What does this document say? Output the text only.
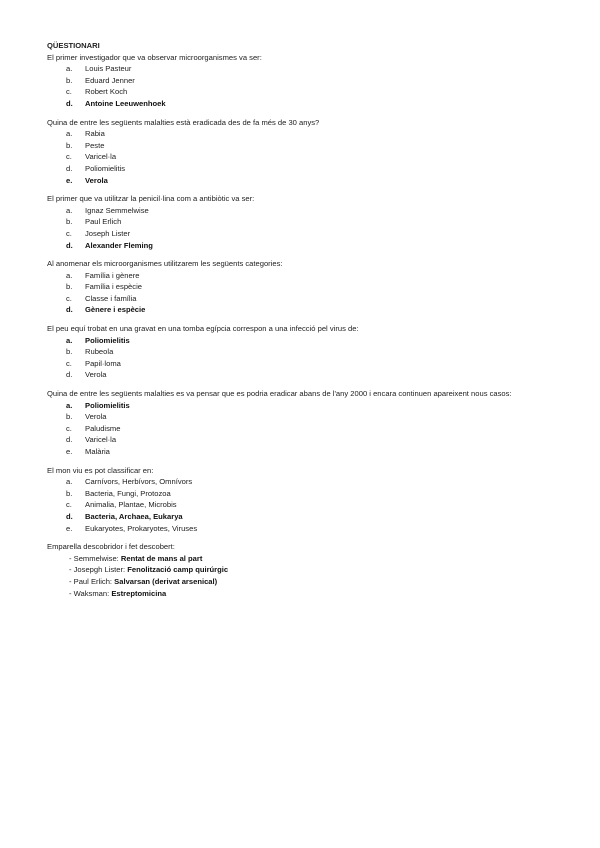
QÜESTIONARI
El primer investigador que va observar microorganismes va ser:
a.	Louis Pasteur
b.	Eduard Jenner
c.	Robert Koch
d.	Antoine Leeuwenhoek
Quina de entre les següents malalties està eradicada des de fa més de 30 anys?
a.	Rabia
b.	Peste
c.	Varicel·la
d.	Poliomielitis
e.	Verola
El primer que va utilitzar la penicil·lina com a antibiòtic va ser:
a.	Ignaz Semmelwise
b.	Paul Erlich
c.	Joseph Lister
d.	Alexander Fleming
Al anomenar els microorganismes utilitzarem les següents categories:
a.	Família i gènere
b.	Família i espècie
c.	Classe i família
d.	Gènere i espècie
El peu equí trobat en una gravat en una tomba egípcia correspon a una infecció pel virus de:
a.	Poliomielitis
b.	Rubeola
c.	Papil·loma
d.	Verola
Quina de entre les següents malalties es va pensar que es podria eradicar abans de l'any 2000 i encara continuen apareixent nous casos:
a.	Poliomielitis
b.	Verola
c.	Paludisme
d.	Varicel·la
e.	Malària
El mon viu es pot classificar en:
a.	Carnívors, Herbívors, Omnívors
b.	Bacteria, Fungi, Protozoa
c.	Animalia, Plantae, Microbis
d.	Bacteria, Archaea, Eukarya
e.	Eukaryotes, Prokaryotes, Viruses
Emparella descobridor i fet descobert:
- Semmelwise: Rentat de mans al part
- Josepgh Lister: Fenolització camp quirúrgic
- Paul Erlich: Salvarsan (derivat arsenical)
- Waksman: Estreptomicina
